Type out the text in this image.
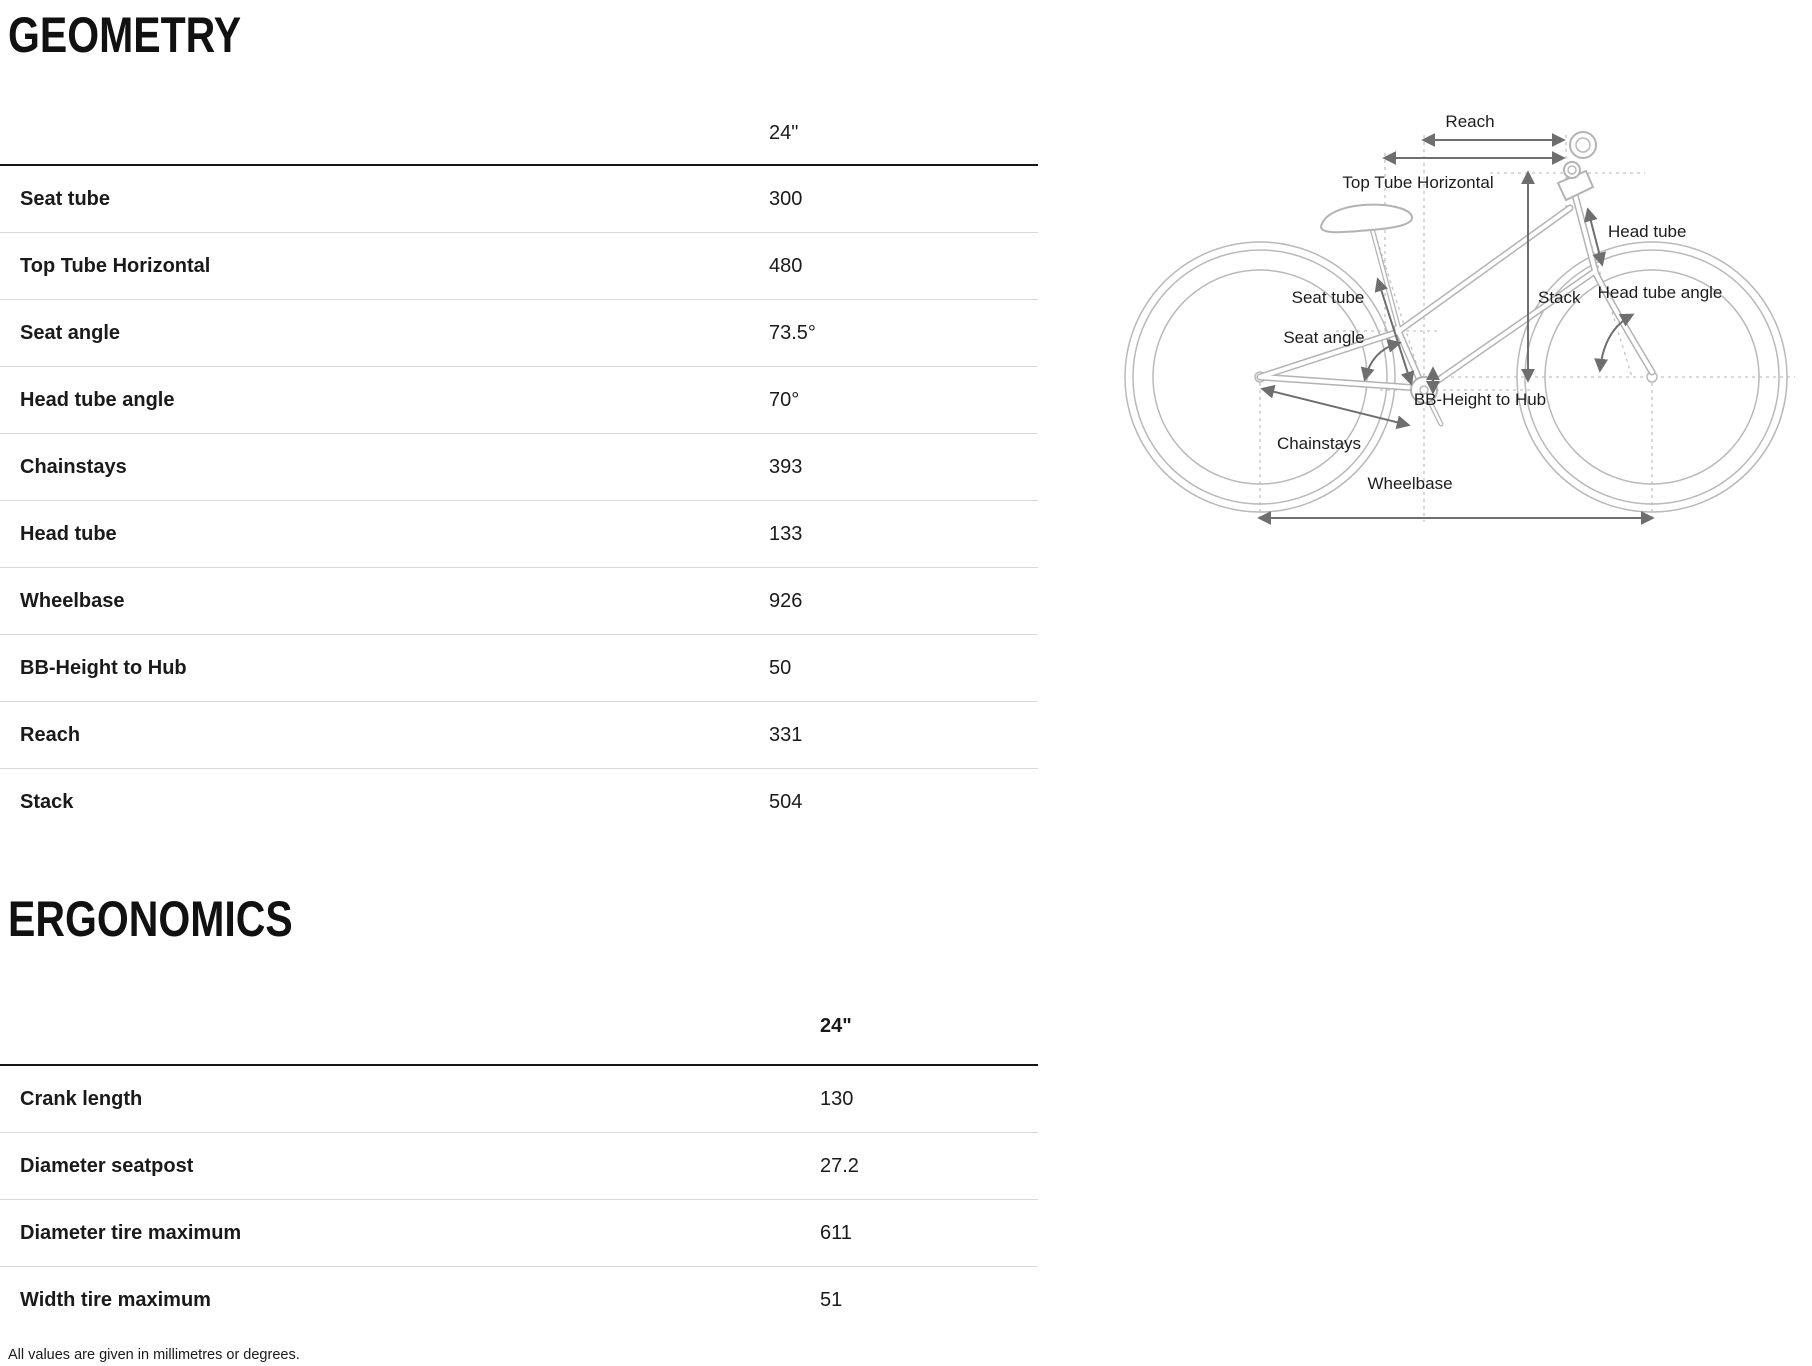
GEOMETRY
24"
Seat tube	300
Top Tube Horizontal	480
Seat angle	73.5°
Head tube angle	70°
Chainstays	393
Head tube	133
Wheelbase	926
BB-Height to Hub	50
Reach	331
Stack	504
ERGONOMICS
24"
Crank length	130
Diameter seatpost	27.2
Diameter tire maximum	611
Width tire maximum	51
All values are given in millimetres or degrees.
Reach
Top Tube Horizontal
Head tube
Stack
Seat tube
Seat angle
Head tube angle
BB-Height to Hub
Chainstays
Wheelbase
